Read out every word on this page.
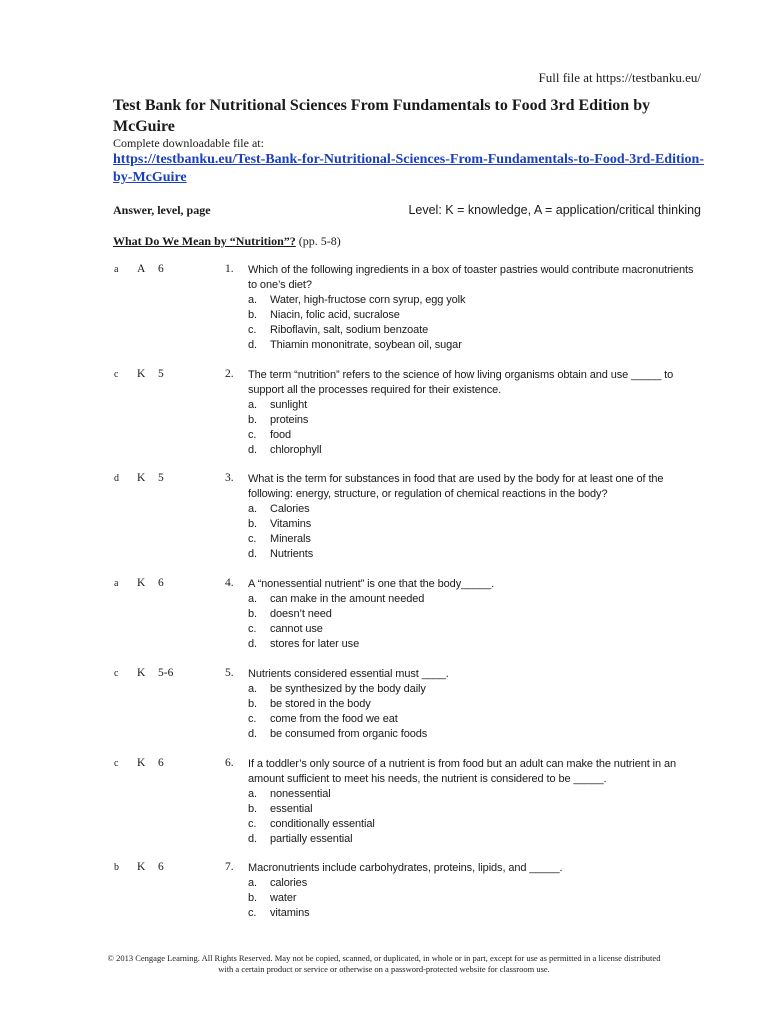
Full file at https://testbanku.eu/
Test Bank for Nutritional Sciences From Fundamentals to Food 3rd Edition by McGuire
Complete downloadable file at:
https://testbanku.eu/Test-Bank-for-Nutritional-Sciences-From-Fundamentals-to-Food-3rd-Edition-by-McGuire
Answer, level, page	Level: K = knowledge, A = application/critical thinking
What Do We Mean by “Nutrition”? (pp. 5-8)
a A 6	1. Which of the following ingredients in a box of toaster pastries would contribute macronutrients to one’s diet?
a. Water, high-fructose corn syrup, egg yolk
b. Niacin, folic acid, sucralose
c. Riboflavin, salt, sodium benzoate
d. Thiamin mononitrate, soybean oil, sugar
c K 5	2. The term “nutrition” refers to the science of how living organisms obtain and use _____ to support all the processes required for their existence.
a. sunlight
b. proteins
c. food
d. chlorophyll
d K 5	3. What is the term for substances in food that are used by the body for at least one of the following: energy, structure, or regulation of chemical reactions in the body?
a. Calories
b. Vitamins
c. Minerals
d. Nutrients
a K 6	4. A “nonessential nutrient” is one that the body_____.
a. can make in the amount needed
b. doesn’t need
c. cannot use
d. stores for later use
c K 5-6	5. Nutrients considered essential must ____.
a. be synthesized by the body daily
b. be stored in the body
c. come from the food we eat
d. be consumed from organic foods
c K 6	6. If a toddler’s only source of a nutrient is from food but an adult can make the nutrient in an amount sufficient to meet his needs, the nutrient is considered to be _____.
a. nonessential
b. essential
c. conditionally essential
d. partially essential
b K 6	7. Macronutrients include carbohydrates, proteins, lipids, and _____.
a. calories
b. water
c. vitamins
© 2013 Cengage Learning. All Rights Reserved. May not be copied, scanned, or duplicated, in whole or in part, except for use as permitted in a license distributed with a certain product or service or otherwise on a password-protected website for classroom use.
